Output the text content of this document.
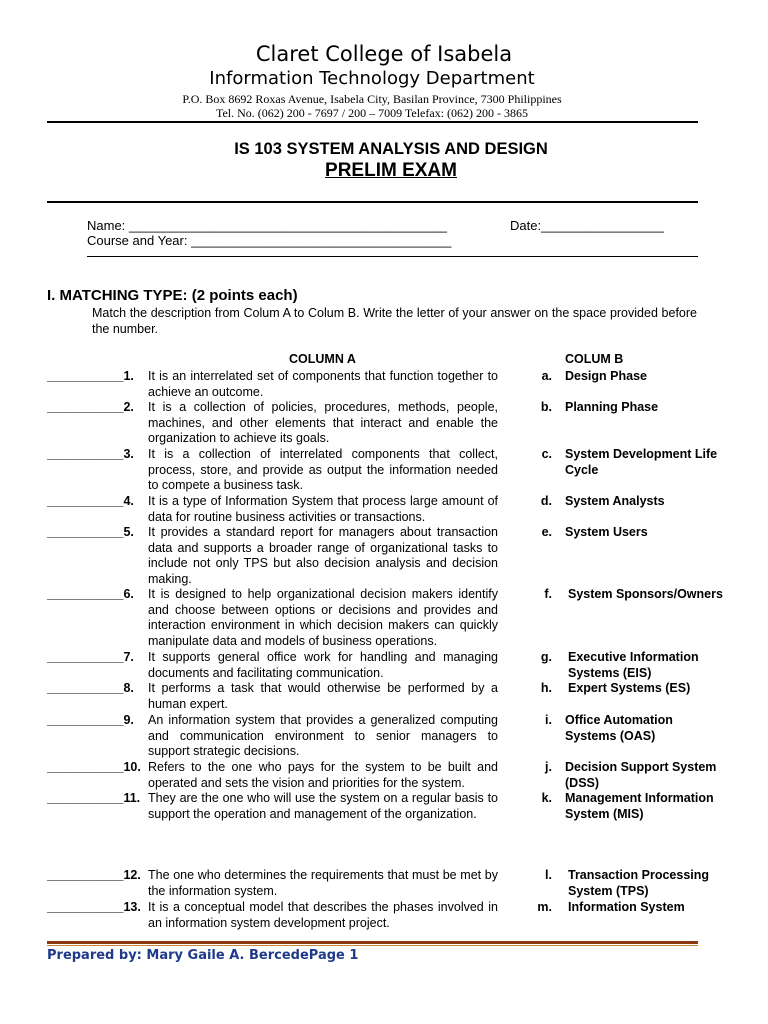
Claret College of Isabela
Information Technology Department
P.O. Box 8692 Roxas Avenue, Isabela City, Basilan Province, 7300 Philippines
Tel. No. (062) 200 - 7697 / 200 – 7009 Telefax: (062) 200 - 3865
IS 103 SYSTEM ANALYSIS AND DESIGN
PRELIM EXAM
Name: ____________________________________________	Date:_________________
Course and Year: ____________________________________
I. MATCHING TYPE: (2 points each)
Match the description from Colum A to Colum B. Write the letter of your answer on the space provided before the number.
COLUMN A	COLUM B
___________1. It is an interrelated set of components that function together to achieve an outcome.
___________2. It is a collection of policies, procedures, methods, people, machines, and other elements that interact and enable the organization to achieve its goals.
___________3. It is a collection of interrelated components that collect, process, store, and provide as output the information needed to compete a business task.
___________4. It is a type of Information System that process large amount of data for routine business activities or transactions.
___________5. It provides a standard report for managers about transaction data and supports a broader range of organizational tasks to include not only TPS but also decision analysis and decision making.
___________6. It is designed to help organizational decision makers identify and choose between options or decisions and provides and interaction environment in which decision makers can quickly manipulate data and models of business operations.
___________7. It supports general office work for handling and managing documents and facilitating communication.
___________8. It performs a task that would otherwise be performed by a human expert.
___________9. An information system that provides a generalized computing and communication environment to senior managers to support strategic decisions.
___________10. Refers to the one who pays for the system to be built and operated and sets the vision and priorities for the system.
___________11. They are the one who will use the system on a regular basis to support the operation and management of the organization.
___________12. The one who determines the requirements that must be met by the information system.
___________13. It is a conceptual model that describes the phases involved in an information system development project.
a. Design Phase
b. Planning Phase
c. System Development Life Cycle
d. System Analysts
e. System Users
f. System Sponsors/Owners
g. Executive Information Systems (EIS)
h. Expert Systems (ES)
i. Office Automation Systems (OAS)
j. Decision Support System (DSS)
k. Management Information System (MIS)
l. Transaction Processing System (TPS)
m. Information System
Prepared by: Mary Gaile A. BercedePage 1
